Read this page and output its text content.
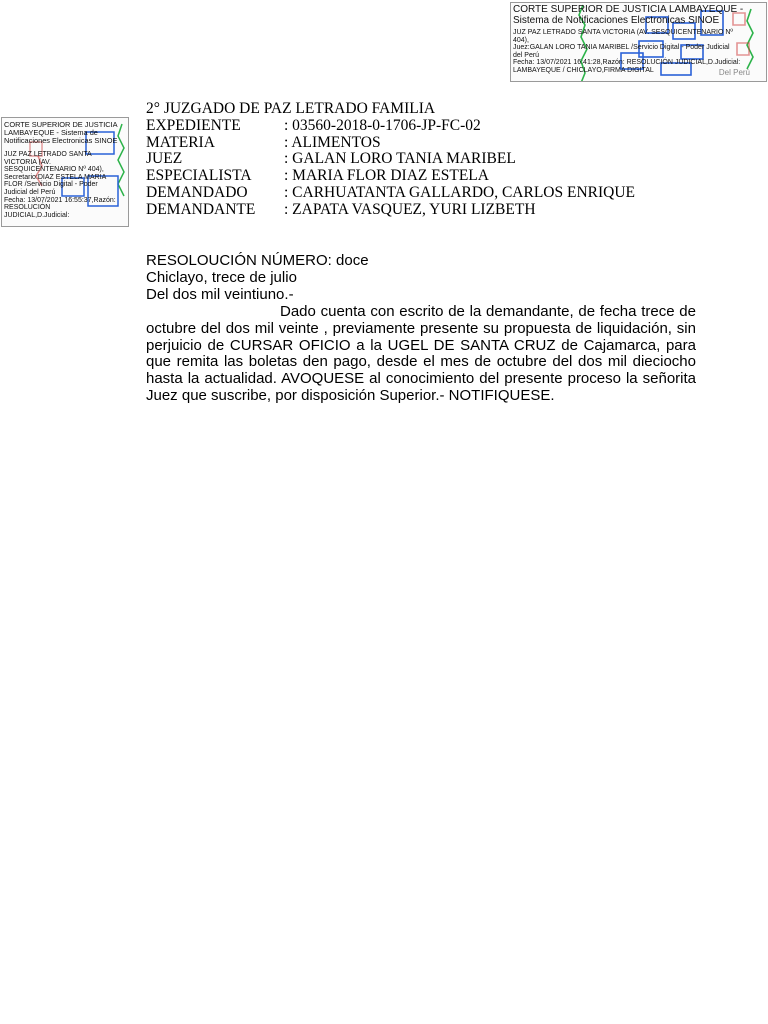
CORTE SUPERIOR DE JUSTICIA LAMBAYEQUE -
Sistema de Notificaciones Electronicas SINOE
JUZ PAZ LETRADO SANTA VICTORIA (AV. SESQUICENTENARIO Nº
404),
Juez:GALAN LORO TANIA MARIBEL /Servicio Digital - Poder Judicial
del Perú
Fecha: 13/07/2021 16:41:28,Razón: RESOLUCIÓN JUDICIAL,D.Judicial:
LAMBAYEQUE / CHICLAYO,FIRMA DIGITAL	Del Perú
CORTE SUPERIOR DE JUSTICIA
LAMBAYEQUE - Sistema de
Notificaciones Electronicas SINOE
JUZ PAZ LETRADO SANTA
VICTORIA (AV.
SESQUICENTENARIO Nº 404),
Secretario:DIAZ ESTELA MARIA
FLOR /Servicio Digital - Poder
Judicial del Perú
Fecha: 13/07/2021 16:55:37,Razón:
RESOLUCIÓN
JUDICIAL,D.Judicial:
2° JUZGADO DE PAZ LETRADO FAMILIA
EXPEDIENTE	: 03560-2018-0-1706-JP-FC-02
MATERIA	: ALIMENTOS
JUEZ	: GALAN LORO TANIA MARIBEL
ESPECIALISTA	: MARIA FLOR DIAZ ESTELA
DEMANDADO	: CARHUATANTA GALLARDO, CARLOS ENRIQUE
DEMANDANTE	: ZAPATA VASQUEZ, YURI LIZBETH
RESOLOUCIÓN NÚMERO: doce
Chiclayo, trece de julio
Del dos mil veintiuno.-

Dado cuenta con escrito de la demandante, de fecha trece de octubre del dos mil veinte , previamente presente su propuesta de liquidación, sin perjuicio de CURSAR OFICIO a la UGEL DE SANTA CRUZ de Cajamarca, para que remita las boletas den pago, desde el mes de octubre del dos mil dieciocho hasta la actualidad. AVOQUESE al conocimiento del presente proceso la señorita Juez que suscribe, por disposición Superior.- NOTIFIQUESE.
